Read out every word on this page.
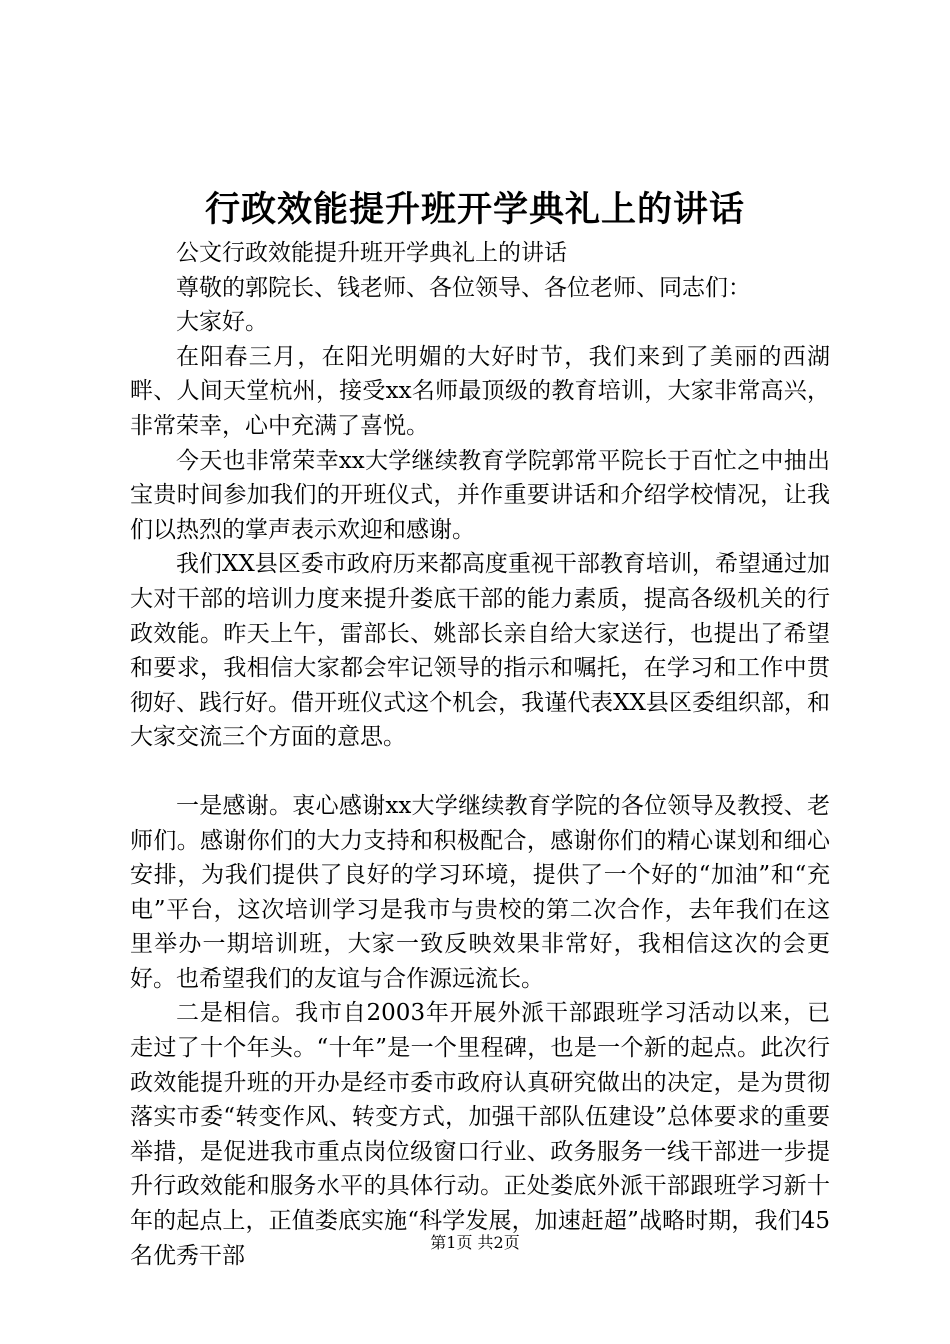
行政效能提升班开学典礼上的讲话

公文行政效能提升班开学典礼上的讲话

尊敬的郭院长、钱老师、各位领导、各位老师、同志们：

大家好。

在阳春三月，在阳光明媚的大好时节，我们来到了美丽的西湖畔、人间天堂杭州，接受xx名师最顶级的教育培训，大家非常高兴，非常荣幸，心中充满了喜悦。

今天也非常荣幸xx大学继续教育学院郭常平院长于百忙之中抽出宝贵时间参加我们的开班仪式，并作重要讲话和介绍学校情况，让我们以热烈的掌声表示欢迎和感谢。

我们XX县区委市政府历来都高度重视干部教育培训，希望通过加大对干部的培训力度来提升娄底干部的能力素质，提高各级机关的行政效能。昨天上午，雷部长、姚部长亲自给大家送行，也提出了希望和要求，我相信大家都会牢记领导的指示和嘱托，在学习和工作中贯彻好、践行好。借开班仪式这个机会，我谨代表XX县区委组织部，和大家交流三个方面的意思。

一是感谢。衷心感谢xx大学继续教育学院的各位领导及教授、老师们。感谢你们的大力支持和积极配合，感谢你们的精心谋划和细心安排，为我们提供了良好的学习环境，提供了一个好的“加油”和“充电”平台，这次培训学习是我市与贵校的第二次合作，去年我们在这里举办一期培训班，大家一致反映效果非常好，我相信这次的会更好。也希望我们的友谊与合作源远流长。

二是相信。我市自2003年开展外派干部跟班学习活动以来，已走过了十个年头。“十年”是一个里程碑，也是一个新的起点。此次行政效能提升班的开办是经市委市政府认真研究做出的决定，是为贯彻落实市委“转变作风、转变方式，加强干部队伍建设”总体要求的重要举措，是促进我市重点岗位级窗口行业、政务服务一线干部进一步提升行政效能和服务水平的具体行动。正处娄底外派干部跟班学习新十年的起点上，正值娄底实施“科学发展，加速赶超”战略时期，我们45名优秀干部

第1页 共2页
